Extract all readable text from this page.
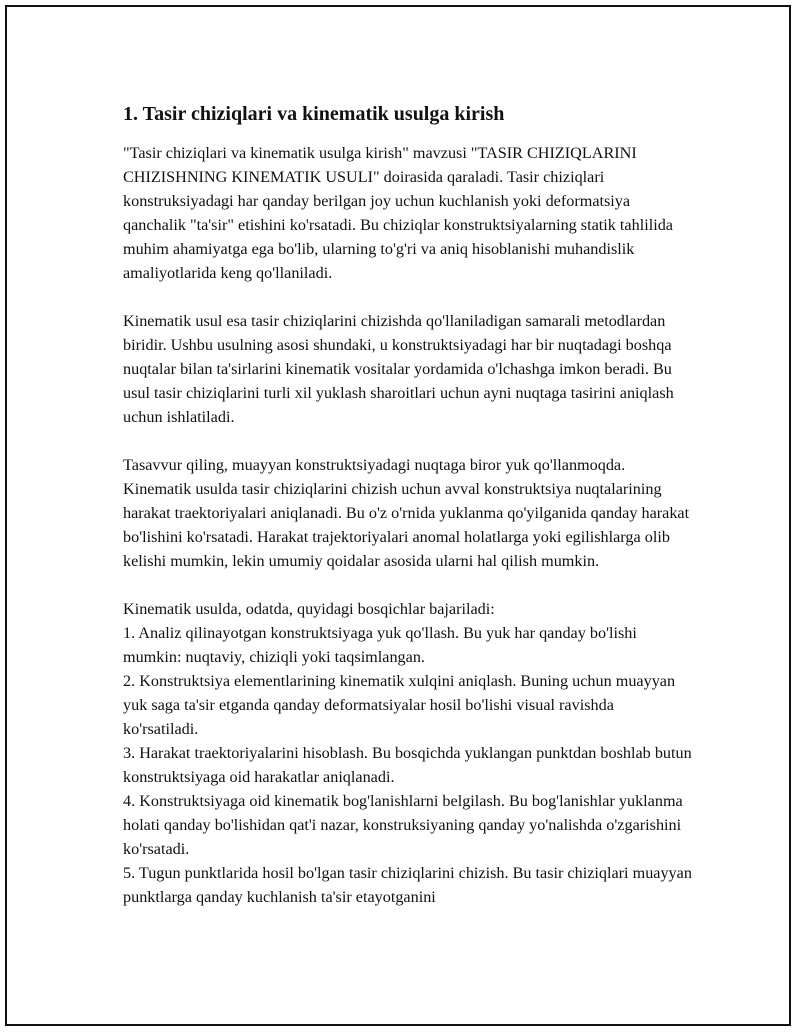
1. Tasir chiziqlari va kinematik usulga kirish

"Tasir chiziqlari va kinematik usulga kirish" mavzusi "TASIR CHIZIQLARINI CHIZISHNING KINEMATIK USULI" doirasida qaraladi. Tasir chiziqlari konstruksiyadagi har qanday berilgan joy uchun kuchlanish yoki deformatsiya qanchalik "ta'sir" etishini ko'rsatadi. Bu chiziqlar konstruktsiyalarning statik tahlilida muhim ahamiyatga ega bo'lib, ularning to'g'ri va aniq hisoblanishi muhandislik amaliyotlarida keng qo'llaniladi.

Kinematik usul esa tasir chiziqlarini chizishda qo'llaniladigan samarali metodlardan biridir. Ushbu usulning asosi shundaki, u konstruktsiyadagi har bir nuqtadagi boshqa nuqtalar bilan ta'sirlarini kinematik vositalar yordamida o'lchashga imkon beradi. Bu usul tasir chiziqlarini turli xil yuklash sharoitlari uchun ayni nuqtaga tasirini aniqlash uchun ishlatiladi.

Tasavvur qiling, muayyan konstruktsiyadagi nuqtaga biror yuk qo'llanmoqda. Kinematik usulda tasir chiziqlarini chizish uchun avval konstruktsiya nuqtalarining harakat traektoriyalari aniqlanadi. Bu o'z o'rnida yuklanma qo'yilganida qanday harakat bo'lishini ko'rsatadi. Harakat trajektoriyalari anomal holatlarga yoki egilishlarga olib kelishi mumkin, lekin umumiy qoidalar asosida ularni hal qilish mumkin.

Kinematik usulda, odatda, quyidagi bosqichlar bajariladi:

1. Analiz qilinayotgan konstruktsiyaga yuk qo'llash. Bu yuk har qanday bo'lishi mumkin: nuqtaviy, chiziqli yoki taqsimlangan.
2. Konstruktsiya elementlarining kinematik xulqini aniqlash. Buning uchun muayyan yuk saga ta'sir etganda qanday deformatsiyalar hosil bo'lishi visual ravishda ko'rsatiladi.
3. Harakat traektoriyalarini hisoblash. Bu bosqichda yuklangan punktdan boshlab butun konstruktsiyaga oid harakatlar aniqlanadi.
4. Konstruktsiyaga oid kinematik bog'lanishlarni belgilash. Bu bog'lanishlar yuklanma holati qanday bo'lishidan qat'i nazar, konstruksiyaning qanday yo'nalishda o'zgarishini ko'rsatadi.
5. Tugun punktlarida hosil bo'lgan tasir chiziqlarini chizish. Bu tasir chiziqlari muayyan punktlarga qanday kuchlanish ta'sir etayotganini
